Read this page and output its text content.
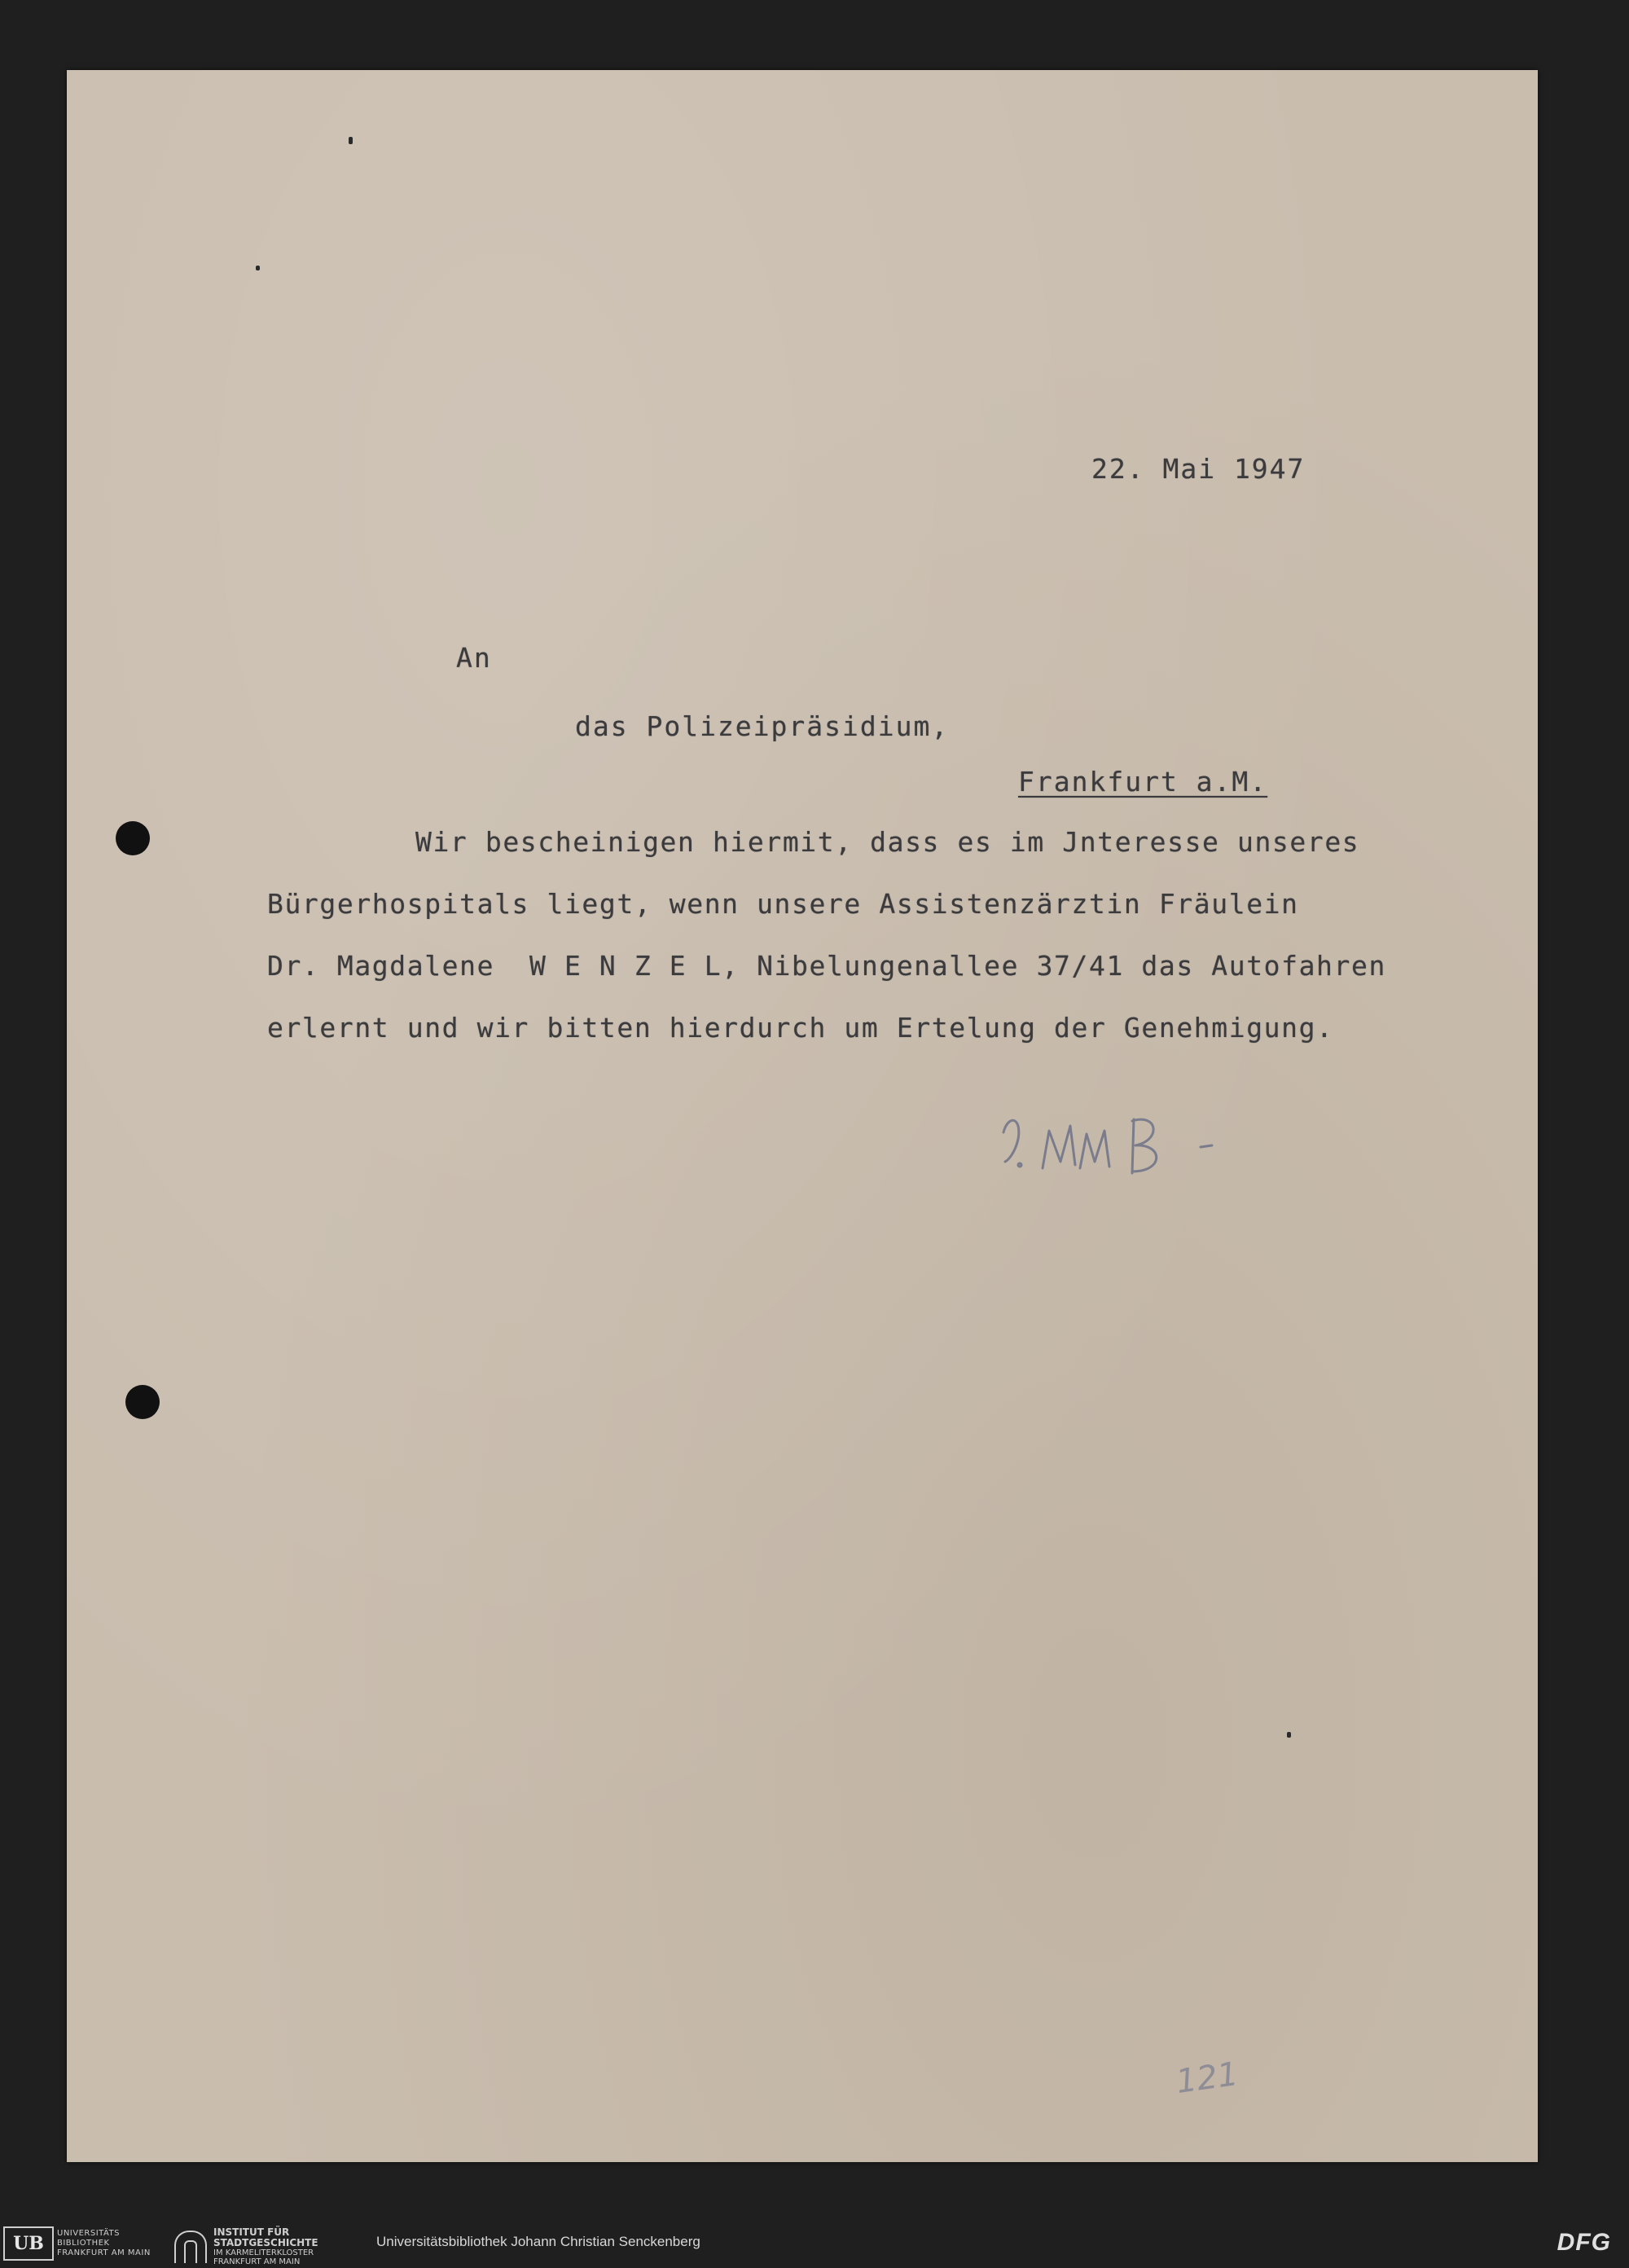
22. Mai 1947
An
das Polizeipräsidium,
Frankfurt a.M.
Wir bescheinigen hiermit, dass es im Jnteresse unseres
Bürgerhospitals liegt, wenn unsere Assistenzärztin Fräulein
Dr. Magdalene  W E N Z E L, Nibelungenallee 37/41 das Autofahren
erlernt und wir bitten hierdurch um Ertelung der Genehmigung.
121
UB	UNIVERSITÄTS
BIBLIOTHEK
FRANKFURT AM MAIN
INSTITUT FÜR
STADTGESCHICHTE
IM KARMELITERKLOSTER
FRANKFURT AM MAIN
Universitätsbibliothek Johann Christian Senckenberg	DFG
